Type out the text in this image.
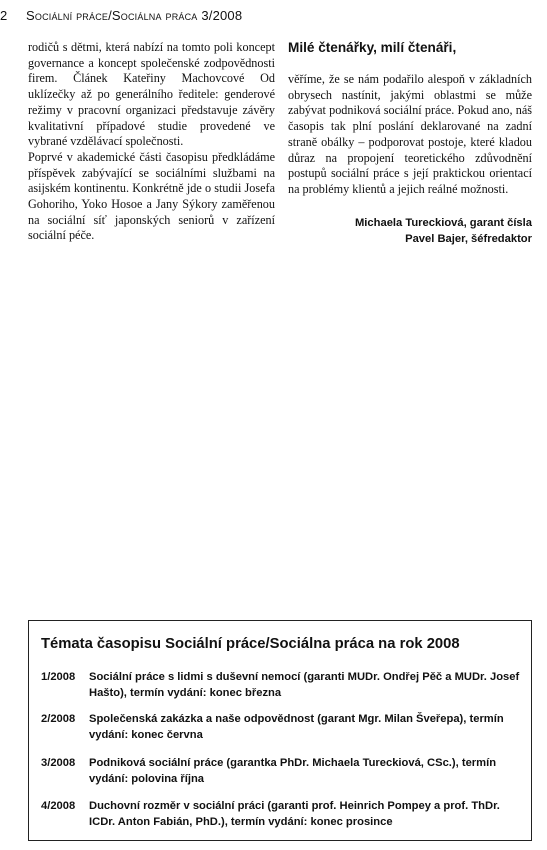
2 Sociální práce/Sociálna práca 3/2008

rodičů s dětmi, která nabízí na tomto poli koncept governance a koncept společenské zodpovědnosti firem. Článek Kateřiny Machovcové Od uklízečky až po generálního ředitele: genderové režimy v pracovní organizaci představuje závěry kvalitativní případové studie provedené ve vybrané vzdělávací společnosti.

Poprvé v akademické části časopisu předkládáme příspěvek zabývající se sociálními službami na asijském kontinentu. Konkrétně jde o studii Josefa Gohoriho, Yoko Hosoe a Jany Sýkory zaměřenou na sociální síť japonských seniorů v zařízení sociální péče.

Milé čtenářky, milí čtenáři,

věříme, že se nám podařilo alespoň v základních obrysech nastínit, jakými oblastmi se může zabývat podniková sociální práce. Pokud ano, náš časopis tak plní poslání deklarované na zadní straně obálky – podporovat postoje, které kladou důraz na propojení teoretického zdůvodnění postupů sociální práce s její praktickou orientací na problémy klientů a jejich reálné možnosti.

Michaela Tureckiová, garant čísla
Pavel Bajer, šéfredaktor
Témata časopisu Sociální práce/Sociálna práca na rok 2008
1/2008	Sociální práce s lidmi s duševní nemocí (garanti MUDr. Ondřej Pěč a MUDr. Josef Hašto), termín vydání: konec března
2/2008	Společenská zakázka a naše odpovědnost (garant Mgr. Milan Šveřepa), termín vydání: konec června
3/2008	Podniková sociální práce (garantka PhDr. Michaela Tureckiová, CSc.), termín vydání: polovina října
4/2008	Duchovní rozměr v sociální práci (garanti prof. Heinrich Pompey a prof. ThDr. ICDr. Anton Fabián, PhD.), termín vydání: konec prosince
